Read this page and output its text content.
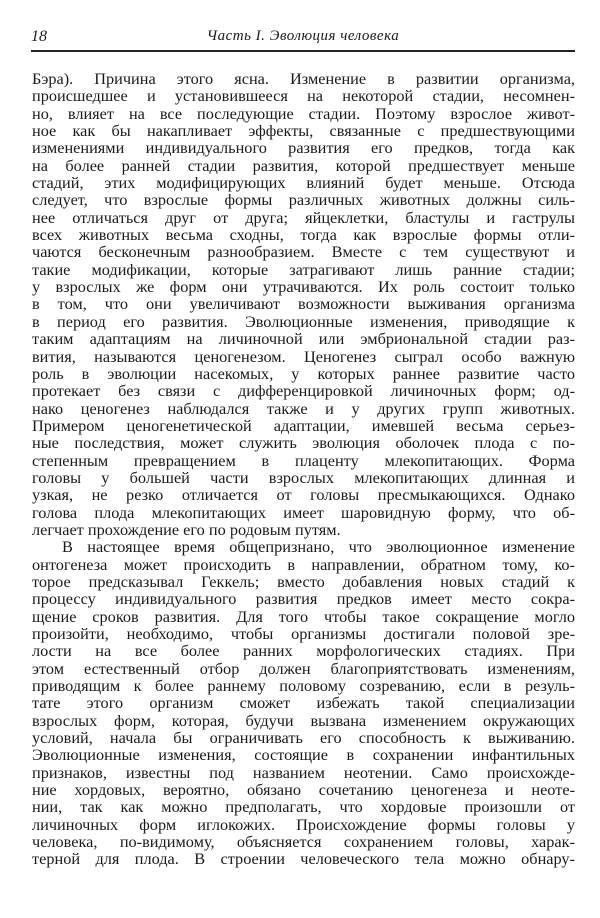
18	Часть I. Эволюция человека
Бэра). Причина этого ясна. Изменение в развитии организма,
происшедшее и установившееся на некоторой стадии, несомнен-
но, влияет на все последующие стадии. Поэтому взрослое живот-
ное как бы накапливает эффекты, связанные с предшествующими
изменениями индивидуального развития его предков, тогда как
на более ранней стадии развития, которой предшествует меньше
стадий, этих модифицирующих влияний будет меньше. Отсюда
следует, что взрослые формы различных животных должны силь-
нее отличаться друг от друга; яйцеклетки, бластулы и гаструлы
всех животных весьма сходны, тогда как взрослые формы отли-
чаются бесконечным разнообразием. Вместе с тем существуют и
такие модификации, которые затрагивают лишь ранние стадии;
у взрослых же форм они утрачиваются. Их роль состоит только
в том, что они увеличивают возможности выживания организма
в период его развития. Эволюционные изменения, приводящие к
таким адаптациям на личиночной или эмбриональной стадии раз-
вития, называются ценогенезом. Ценогенез сыграл особо важную
роль в эволюции насекомых, у которых раннее развитие часто
протекает без связи с дифференцировкой личиночных форм; од-
нако ценогенез наблюдался также и у других групп животных.
Примером ценогенетической адаптации, имевшей весьма серьез-
ные последствия, может служить эволюция оболочек плода с по-
степенным превращением в плаценту млекопитающих. Форма
головы у большей части взрослых млекопитающих длинная и
узкая, не резко отличается от головы пресмыкающихся. Однако
голова плода млекопитающих имеет шаровидную форму, что об-
легчает прохождение его по родовым путям.
В настоящее время общепризнано, что эволюционное изменение
онтогенеза может происходить в направлении, обратном тому, ко-
торое предсказывал Геккель; вместо добавления новых стадий к
процессу индивидуального развития предков имеет место сокра-
щение сроков развития. Для того чтобы такое сокращение могло
произойти, необходимо, чтобы организмы достигали половой зре-
лости на все более ранних морфологических стадиях. При
этом естественный отбор должен благоприятствовать изменениям,
приводящим к более раннему половому созреванию, если в резуль-
тате этого организм сможет избежать такой специализации
взрослых форм, которая, будучи вызвана изменением окружающих
условий, начала бы ограничивать его способность к выживанию.
Эволюционные изменения, состоящие в сохранении инфантильных
признаков, известны под названием неотении. Само происхожде-
ние хордовых, вероятно, обязано сочетанию ценогенеза и неоте-
нии, так как можно предполагать, что хордовые произошли от
личиночных форм иглокожих. Происхождение формы головы у
человека, по-видимому, объясняется сохранением головы, харак-
терной для плода. В строении человеческого тела можно обнару-
